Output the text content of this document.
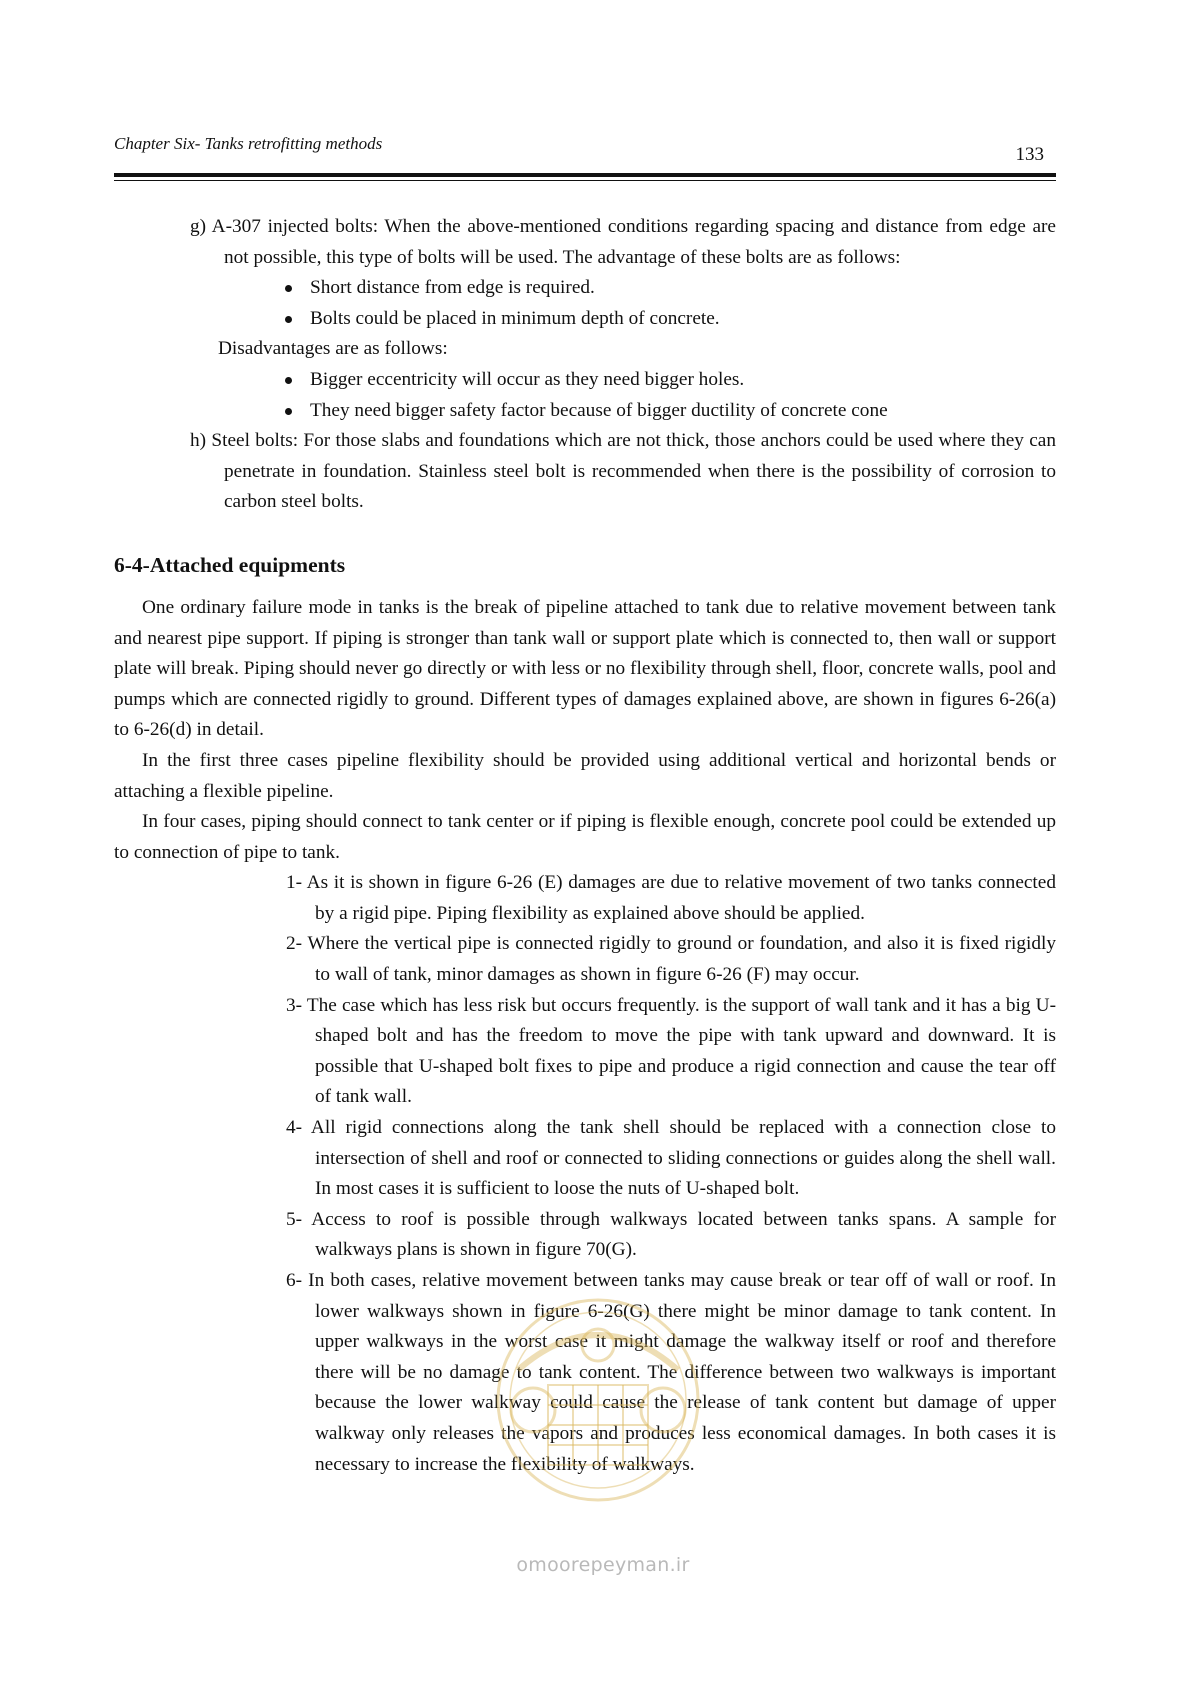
Chapter Six- Tanks retrofitting methods
133

g) A-307 injected bolts: When the above-mentioned conditions regarding spacing and distance from edge are not possible, this type of bolts will be used. The advantage of these bolts are as follows:

Short distance from edge is required.
Bolts could be placed in minimum depth of concrete.

Disadvantages are as follows:

Bigger eccentricity will occur as they need bigger holes.
They need bigger safety factor because of bigger ductility of concrete cone

h) Steel bolts: For those slabs and foundations which are not thick, those anchors could be used where they can penetrate in foundation. Stainless steel bolt is recommended when there is the possibility of corrosion to carbon steel bolts.

6-4-Attached equipments

One ordinary failure mode in tanks is the break of pipeline attached to tank due to relative movement between tank and nearest pipe support. If piping is stronger than tank wall or support plate which is connected to, then wall or support plate will break. Piping should never go directly or with less or no flexibility through shell, floor, concrete walls, pool and pumps which are connected rigidly to ground. Different types of damages explained above, are shown in figures 6-26(a) to 6-26(d) in detail.

In the first three cases pipeline flexibility should be provided using additional vertical and horizontal bends or attaching a flexible pipeline.

In four cases, piping should connect to tank center or if piping is flexible enough, concrete pool could be extended up to connection of pipe to tank.

1- As it is shown in figure 6-26 (E) damages are due to relative movement of two tanks connected by a rigid pipe. Piping flexibility as explained above should be applied.

2- Where the vertical pipe is connected rigidly to ground or foundation, and also it is fixed rigidly to wall of tank, minor damages as shown in figure 6-26 (F) may occur.

3- The case which has less risk but occurs frequently. is the support of wall tank and it has a big U-shaped bolt and has the freedom to move the pipe with tank upward and downward. It is possible that U-shaped bolt fixes to pipe and produce a rigid connection and cause the tear off of tank wall.

4- All rigid connections along the tank shell should be replaced with a connection close to intersection of shell and roof or connected to sliding connections or guides along the shell wall. In most cases it is sufficient to loose the nuts of U-shaped bolt.

5- Access to roof is possible through walkways located between tanks spans. A sample for walkways plans is shown in figure 70(G).

6- In both cases, relative movement between tanks may cause break or tear off of wall or roof. In lower walkways shown in figure 6-26(G) there might be minor damage to tank content. In upper walkways in the worst case it might damage the walkway itself or roof and therefore there will be no damage to tank content. The difference between two walkways is important because the lower walkway could cause the release of tank content but damage of upper walkway only releases the vapors and produces less economical damages. In both cases it is necessary to increase the flexibility of walkways.

omoorepeyman.ir
